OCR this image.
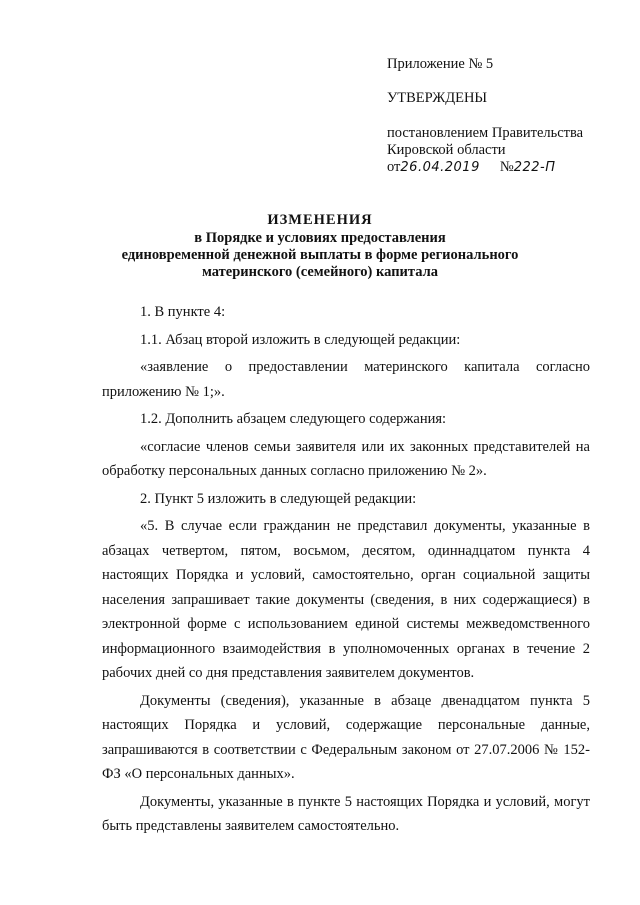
Приложение № 5
УТВЕРЖДЕНЫ
постановлением Правительства
Кировской области
от26.04.2019 №222-П
ИЗМЕНЕНИЯ
в Порядке и условиях предоставления
единовременной денежной выплаты в форме регионального
материнского (семейного) капитала

1. В пункте 4:

1.1. Абзац второй изложить в следующей редакции:

«заявление о предоставлении материнского капитала согласно приложению № 1;».

1.2. Дополнить абзацем следующего содержания:

«согласие членов семьи заявителя или их законных представителей на обработку персональных данных согласно приложению № 2».

2. Пункт 5 изложить в следующей редакции:

«5. В случае если гражданин не представил документы, указанные в абзацах четвертом, пятом, восьмом, десятом, одиннадцатом пункта 4 настоящих Порядка и условий, самостоятельно, орган социальной защиты населения запрашивает такие документы (сведения, в них содержащиеся) в электронной форме с использованием единой системы межведомственного информационного взаимодействия в уполномоченных органах в течение 2 рабочих дней со дня представления заявителем документов.

Документы (сведения), указанные в абзаце двенадцатом пункта 5 настоящих Порядка и условий, содержащие персональные данные, запрашиваются в соответствии с Федеральным законом от 27.07.2006 № 152-ФЗ «О персональных данных».

Документы, указанные в пункте 5 настоящих Порядка и условий, могут быть представлены заявителем самостоятельно.
